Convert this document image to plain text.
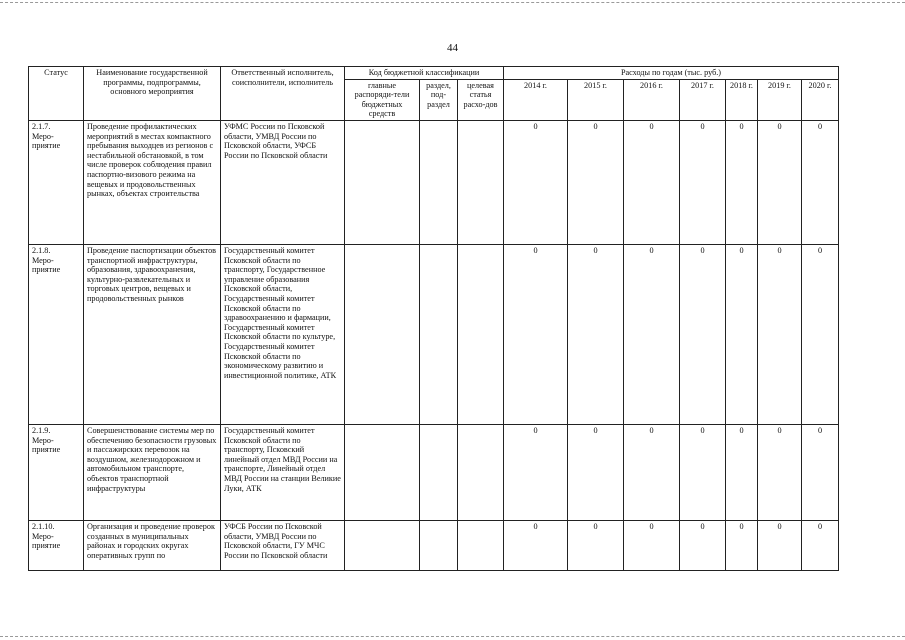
44
Статус	Наименование государственной программы, подпрограммы, основного мероприятия	Ответственный исполнитель, соисполнители, исполнитель	Код бюджетной классификации			Расходы по годам (тыс. руб.)						
			главные распоряди-тели бюджетных средств	раздел, под-раздел	целевая статья расхо-дов	2014 г.	2015 г.	2016 г.	2017 г.	2018 г.	2019 г.	2020 г.

2.1.7.
Меро-приятие	Проведение профилактических мероприятий в местах компактного пребывания выходцев из регионов с нестабильной обстановкой, в том числе проверок соблюдения правил паспортно-визового режима на вещевых и продовольственных рынках, объектах строительства	УФМС России по Псковской области, УМВД России по Псковской области, УФСБ России по Псковской области				0	0	0	0	0	0	0

2.1.8.
Меро-приятие	Проведение паспортизации объектов транспортной инфраструктуры, образования, здравоохранения, культурно-развлекательных и торговых центров, вещевых и продовольственных рынков	Государственный комитет Псковской области по транспорту, Государственное управление образования Псковской области, Государственный комитет Псковской области по здравоохранению и фармации, Государственный комитет Псковской области по культуре, Государственный комитет Псковской области по экономическому развитию и инвестиционной политике, АТК				0	0	0	0	0	0	0

2.1.9.
Меро-приятие	Совершенствование системы мер по обеспечению безопасности грузовых и пассажирских перевозок на воздушном, железнодорожном и автомобильном транспорте, объектов транспортной инфраструктуры	Государственный комитет Псковской области по транспорту, Псковский линейный отдел МВД России на транспорте, Линейный отдел МВД России на станции Великие Луки, АТК				0	0	0	0	0	0	0

2.1.10.
Меро-приятие	Организация и проведение проверок созданных в муниципальных районах и городских округах оперативных групп по	УФСБ России по Псковской области, УМВД России по Псковской области, ГУ МЧС России по Псковской области				0	0	0	0	0	0	0
